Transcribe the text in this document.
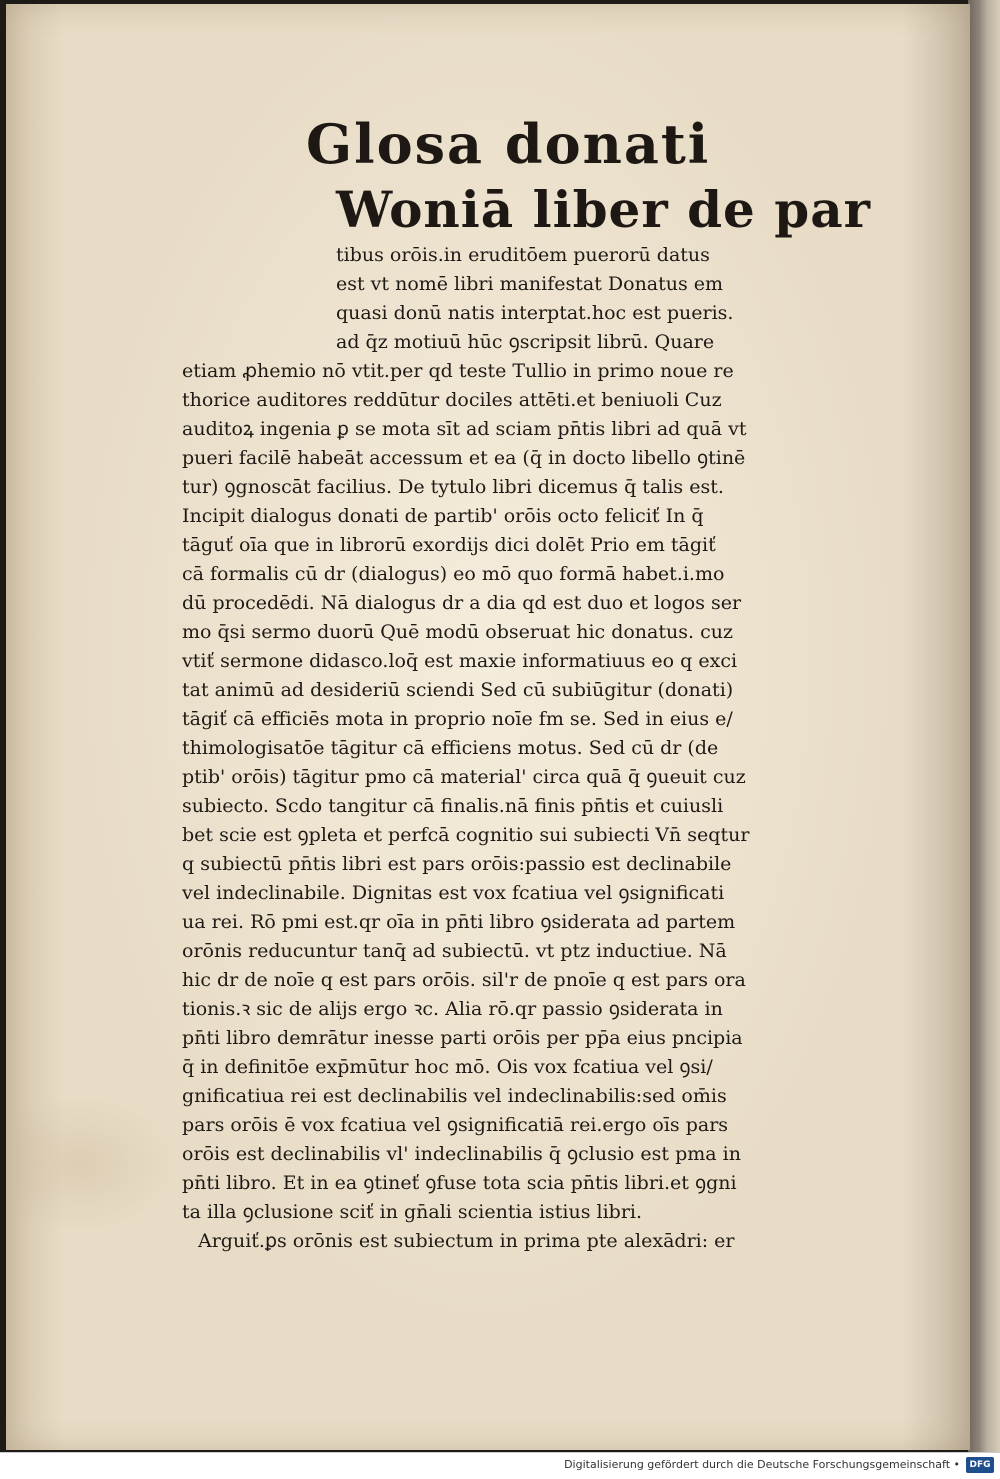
Glosa donati
Woniā liber de par
tibus orōis.in eruditōem puerorū datus
est vt nomē libri manifestat Donatus em
quasi donū natis interptat.hoc est pueris.
ad q̄z motiuū hūc ꝯscripsit librū. Quare
etiam ꝓhemio nō vtit.per qd teste Tullio in primo noue re
thorice auditores reddūtur dociles attēti.et beniuoli Cuz
auditoꝝ ingenia ꝑ se mota sīt ad sciam pn̄tis libri ad quā vt
pueri facilē habeāt accessum et ea (q̄ in docto libello ꝯtinē
tur) ꝯgnoscāt facilius. De tytulo libri dicemus q̄ talis est.
Incipit dialogus donati de partib' orōis octo feliciť In q̄
tāguť oīa que in librorū exordijs dici dolēt Prio em tāgiť
cā formalis cū dr (dialogus) eo mō quo formā habet.i.mo
dū procedēdi. Nā dialogus dr a dia qd est duo et logos ser
mo q̄si sermo duorū Quē modū obseruat hic donatus. cuz
vtiť sermone didasco.loq̄ est maxie informatiuus eo q exci
tat animū ad desideriū sciendi Sed cū subiūgitur (donati)
tāgiť cā efficiēs mota in proprio noīe fm se. Sed in eius e/
thimologisatōe tāgitur cā efficiens motus. Sed cū dr (de
ptib' orōis) tāgitur pmo cā material' circa quā q̄ ꝯueuit cuz
subiecto. Scdo tangitur cā finalis.nā finis pn̄tis et cuiusli
bet scie est ꝯpleta et perfcā cognitio sui subiecti Vn̄ seqtur
q subiectū pn̄tis libri est pars orōis:passio est declinabile
vel indeclinabile. Dignitas est vox fcatiua vel ꝯsignificati
ua rei. Rō pmi est.qr oīa in pn̄ti libro ꝯsiderata ad partem
orōnis reducuntur tanq̄ ad subiectū. vt ptz inductiue. Nā
hic dr de noīe q est pars orōis. sil'r de pnoīe q est pars ora
tionis.ꝛ sic de alijs ergo ꝛc. Alia rō.qr passio ꝯsiderata in
pn̄ti libro demrātur inesse parti orōis per pp̄a eius pncipia
q̄ in definitōe exp̄mūtur hoc mō. Ois vox fcatiua vel ꝯsi/
gnificatiua rei est declinabilis vel indeclinabilis:sed om̄is
pars orōis ē vox fcatiua vel ꝯsignificatiā rei.ergo oīs pars
orōis est declinabilis vl' indeclinabilis q̄ ꝯclusio est pma in
pn̄ti libro. Et in ea ꝯtineť ꝯfuse tota scia pn̄tis libri.et ꝯgni
ta illa ꝯclusione sciť in gn̄ali scientia istius libri.
Arguiť.ꝑs orōnis est subiectum in prima pte alexādri: er
Digitalisierung gefördert durch die Deutsche Forschungsgemeinschaft •	DFG
